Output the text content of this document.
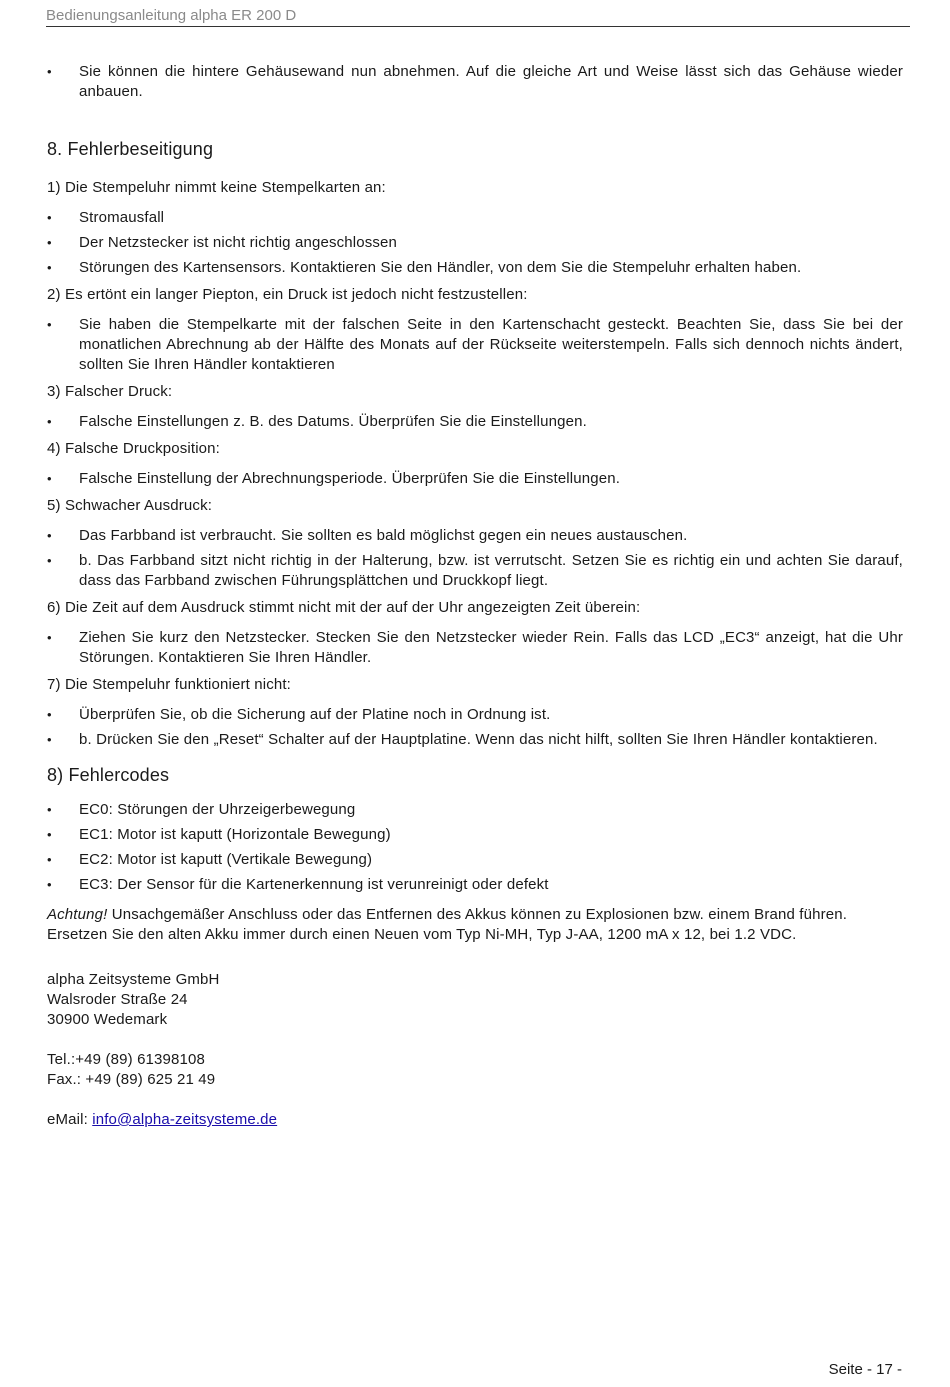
Bedienungsanleitung alpha ER 200 D
• Sie können die hintere Gehäusewand nun abnehmen. Auf die gleiche Art und Weise lässt sich das Gehäuse wieder anbauen.
8. Fehlerbeseitigung

1) Die Stempeluhr nimmt keine Stempelkarten an:

• Stromausfall
• Der Netzstecker ist nicht richtig angeschlossen
• Störungen des Kartensensors. Kontaktieren Sie den Händler, von dem Sie die Stempeluhr erhalten haben.

2) Es ertönt ein langer Piepton, ein Druck ist jedoch nicht festzustellen:

• Sie haben die Stempelkarte mit der falschen Seite in den Kartenschacht gesteckt. Beachten Sie, dass Sie bei der monatlichen Abrechnung ab der Hälfte des Monats auf der Rückseite weiterstempeln. Falls sich dennoch nichts ändert, sollten Sie Ihren Händler kontaktieren

3) Falscher Druck:

• Falsche Einstellungen z. B. des Datums. Überprüfen Sie die Einstellungen.

4) Falsche Druckposition:

• Falsche Einstellung der Abrechnungsperiode. Überprüfen Sie die Einstellungen.

5) Schwacher Ausdruck:

• Das Farbband ist verbraucht. Sie sollten es bald möglichst gegen ein neues austauschen.
• b. Das Farbband sitzt nicht richtig in der Halterung, bzw. ist verrutscht. Setzen Sie es richtig ein und achten Sie darauf, dass das Farbband zwischen Führungsplättchen und Druckkopf liegt.

6) Die Zeit auf dem Ausdruck stimmt nicht mit der auf der Uhr angezeigten Zeit überein:

• Ziehen Sie kurz den Netzstecker. Stecken Sie den Netzstecker wieder Rein. Falls das LCD „EC3“ anzeigt, hat die Uhr Störungen. Kontaktieren Sie Ihren Händler.

7) Die Stempeluhr funktioniert nicht:

• Überprüfen Sie, ob die Sicherung auf der Platine noch in Ordnung ist.
• b. Drücken Sie den „Reset“ Schalter auf der Hauptplatine. Wenn das nicht hilft, sollten Sie Ihren Händler kontaktieren.
8) Fehlercodes
• EC0: Störungen der Uhrzeigerbewegung
• EC1: Motor ist kaputt (Horizontale Bewegung)
• EC2: Motor ist kaputt (Vertikale Bewegung)
• EC3: Der Sensor für die Kartenerkennung ist verunreinigt oder defekt

Achtung! Unsachgemäßer Anschluss oder das Entfernen des Akkus können zu Explosionen bzw. einem Brand führen. Ersetzen Sie den alten Akku immer durch einen Neuen vom Typ Ni-MH, Typ J-AA, 1200 mA x 12, bei 1.2 VDC.

alpha Zeitsysteme GmbH

Walsroder Straße 24

30900 Wedemark

Tel.:+49 (89) 61398108

Fax.: +49 (89) 625 21 49

eMail: info@alpha-zeitsysteme.de

Seite - 17 -
